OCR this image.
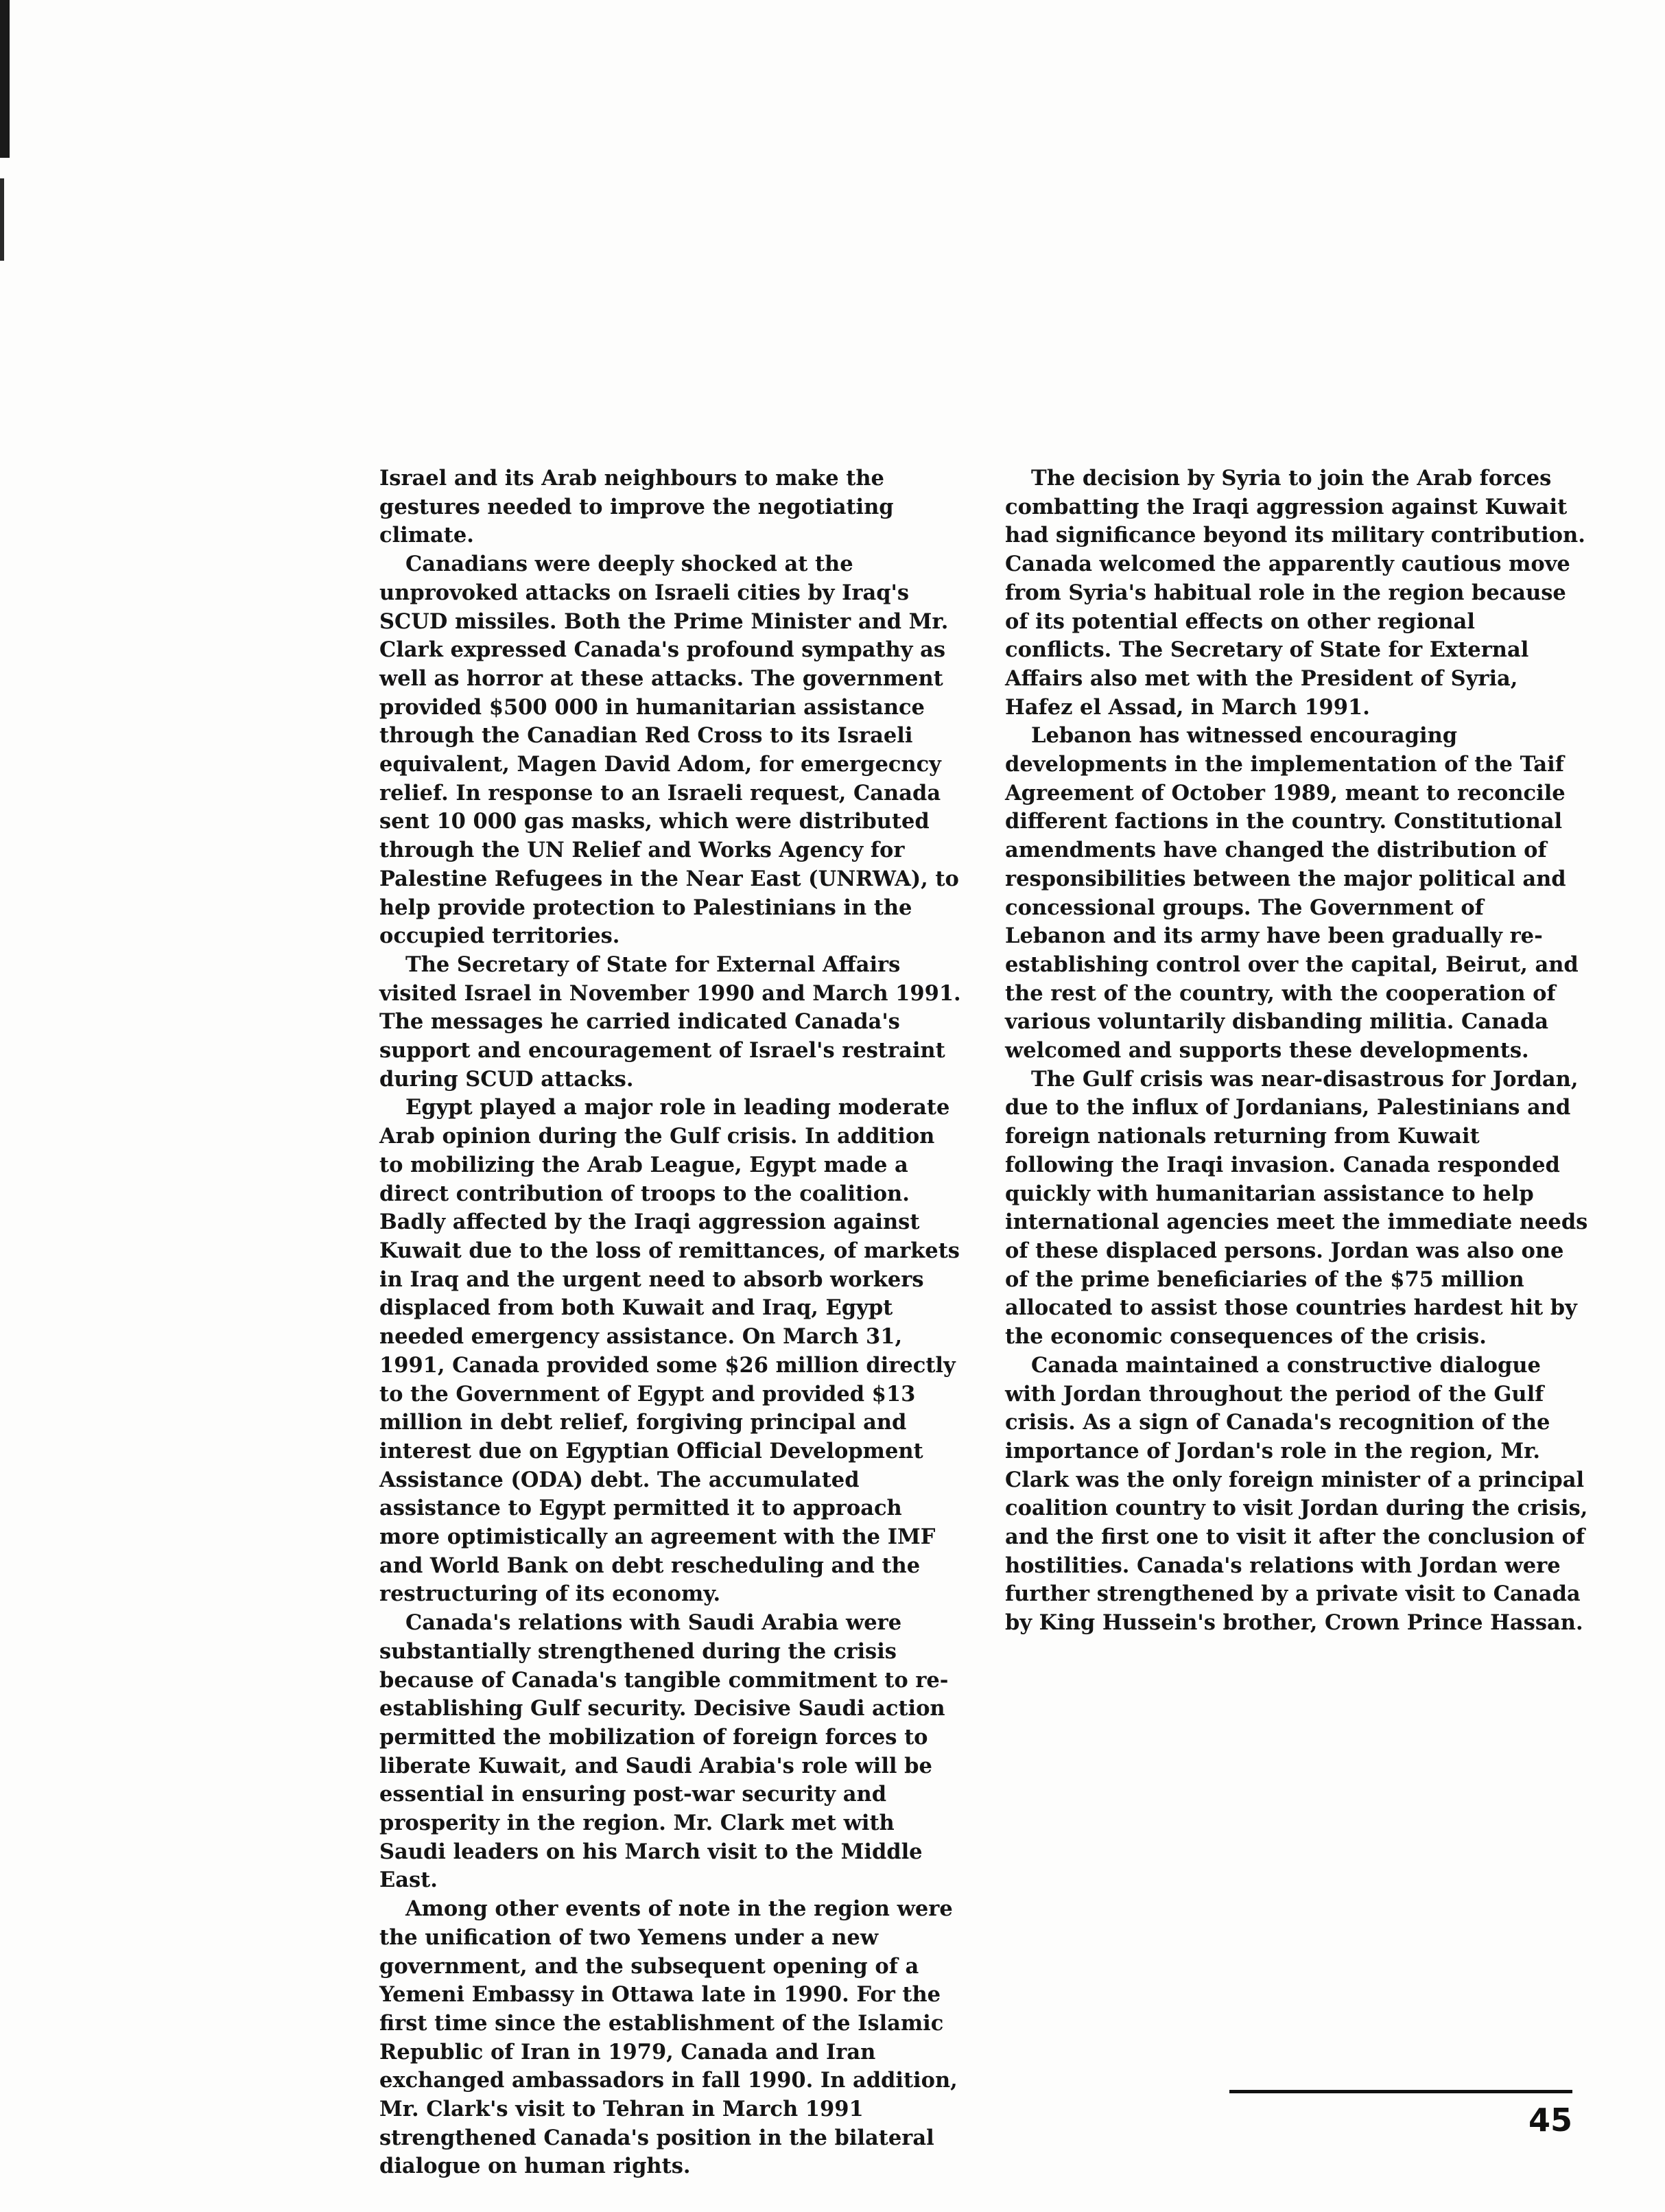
Israel and its Arab neighbours to make the gestures needed to improve the negotiating climate.

Canadians were deeply shocked at the unprovoked attacks on Israeli cities by Iraq's SCUD missiles. Both the Prime Minister and Mr. Clark expressed Canada's profound sympathy as well as horror at these attacks. The government provided $500 000 in humanitarian assistance through the Canadian Red Cross to its Israeli equivalent, Magen David Adom, for emergecncy relief. In response to an Israeli request, Canada sent 10 000 gas masks, which were distributed through the UN Relief and Works Agency for Palestine Refugees in the Near East (UNRWA), to help provide protection to Palestinians in the occupied territories.

The Secretary of State for External Affairs visited Israel in November 1990 and March 1991. The messages he carried indicated Canada's support and encouragement of Israel's restraint during SCUD attacks.

Egypt played a major role in leading moderate Arab opinion during the Gulf crisis. In addition to mobilizing the Arab League, Egypt made a direct contribution of troops to the coalition. Badly affected by the Iraqi aggression against Kuwait due to the loss of remittances, of markets in Iraq and the urgent need to absorb workers displaced from both Kuwait and Iraq, Egypt needed emergency assistance. On March 31, 1991, Canada provided some $26 million directly to the Government of Egypt and provided $13 million in debt relief, forgiving principal and interest due on Egyptian Official Development Assistance (ODA) debt. The accumulated assistance to Egypt permitted it to approach more optimistically an agreement with the IMF and World Bank on debt rescheduling and the restructuring of its economy.

Canada's relations with Saudi Arabia were substantially strengthened during the crisis because of Canada's tangible commitment to re-establishing Gulf security. Decisive Saudi action permitted the mobilization of foreign forces to liberate Kuwait, and Saudi Arabia's role will be essential in ensuring post-war security and prosperity in the region. Mr. Clark met with Saudi leaders on his March visit to the Middle East.

Among other events of note in the region were the unification of two Yemens under a new government, and the subsequent opening of a Yemeni Embassy in Ottawa late in 1990. For the first time since the establishment of the Islamic Republic of Iran in 1979, Canada and Iran exchanged ambassadors in fall 1990. In addition, Mr. Clark's visit to Tehran in March 1991 strengthened Canada's position in the bilateral dialogue on human rights.

The decision by Syria to join the Arab forces combatting the Iraqi aggression against Kuwait had significance beyond its military contribution. Canada welcomed the apparently cautious move from Syria's habitual role in the region because of its potential effects on other regional conflicts. The Secretary of State for External Affairs also met with the President of Syria, Hafez el Assad, in March 1991.

Lebanon has witnessed encouraging developments in the implementation of the Taif Agreement of October 1989, meant to reconcile different factions in the country. Constitutional amendments have changed the distribution of responsibilities between the major political and concessional groups. The Government of Lebanon and its army have been gradually re-establishing control over the capital, Beirut, and the rest of the country, with the cooperation of various voluntarily disbanding militia. Canada welcomed and supports these developments.

The Gulf crisis was near-disastrous for Jordan, due to the influx of Jordanians, Palestinians and foreign nationals returning from Kuwait following the Iraqi invasion. Canada responded quickly with humanitarian assistance to help international agencies meet the immediate needs of these displaced persons. Jordan was also one of the prime beneficiaries of the $75 million allocated to assist those countries hardest hit by the economic consequences of the crisis.

Canada maintained a constructive dialogue with Jordan throughout the period of the Gulf crisis. As a sign of Canada's recognition of the importance of Jordan's role in the region, Mr. Clark was the only foreign minister of a principal coalition country to visit Jordan during the crisis, and the first one to visit it after the conclusion of hostilities. Canada's relations with Jordan were further strengthened by a private visit to Canada by King Hussein's brother, Crown Prince Hassan.

45
